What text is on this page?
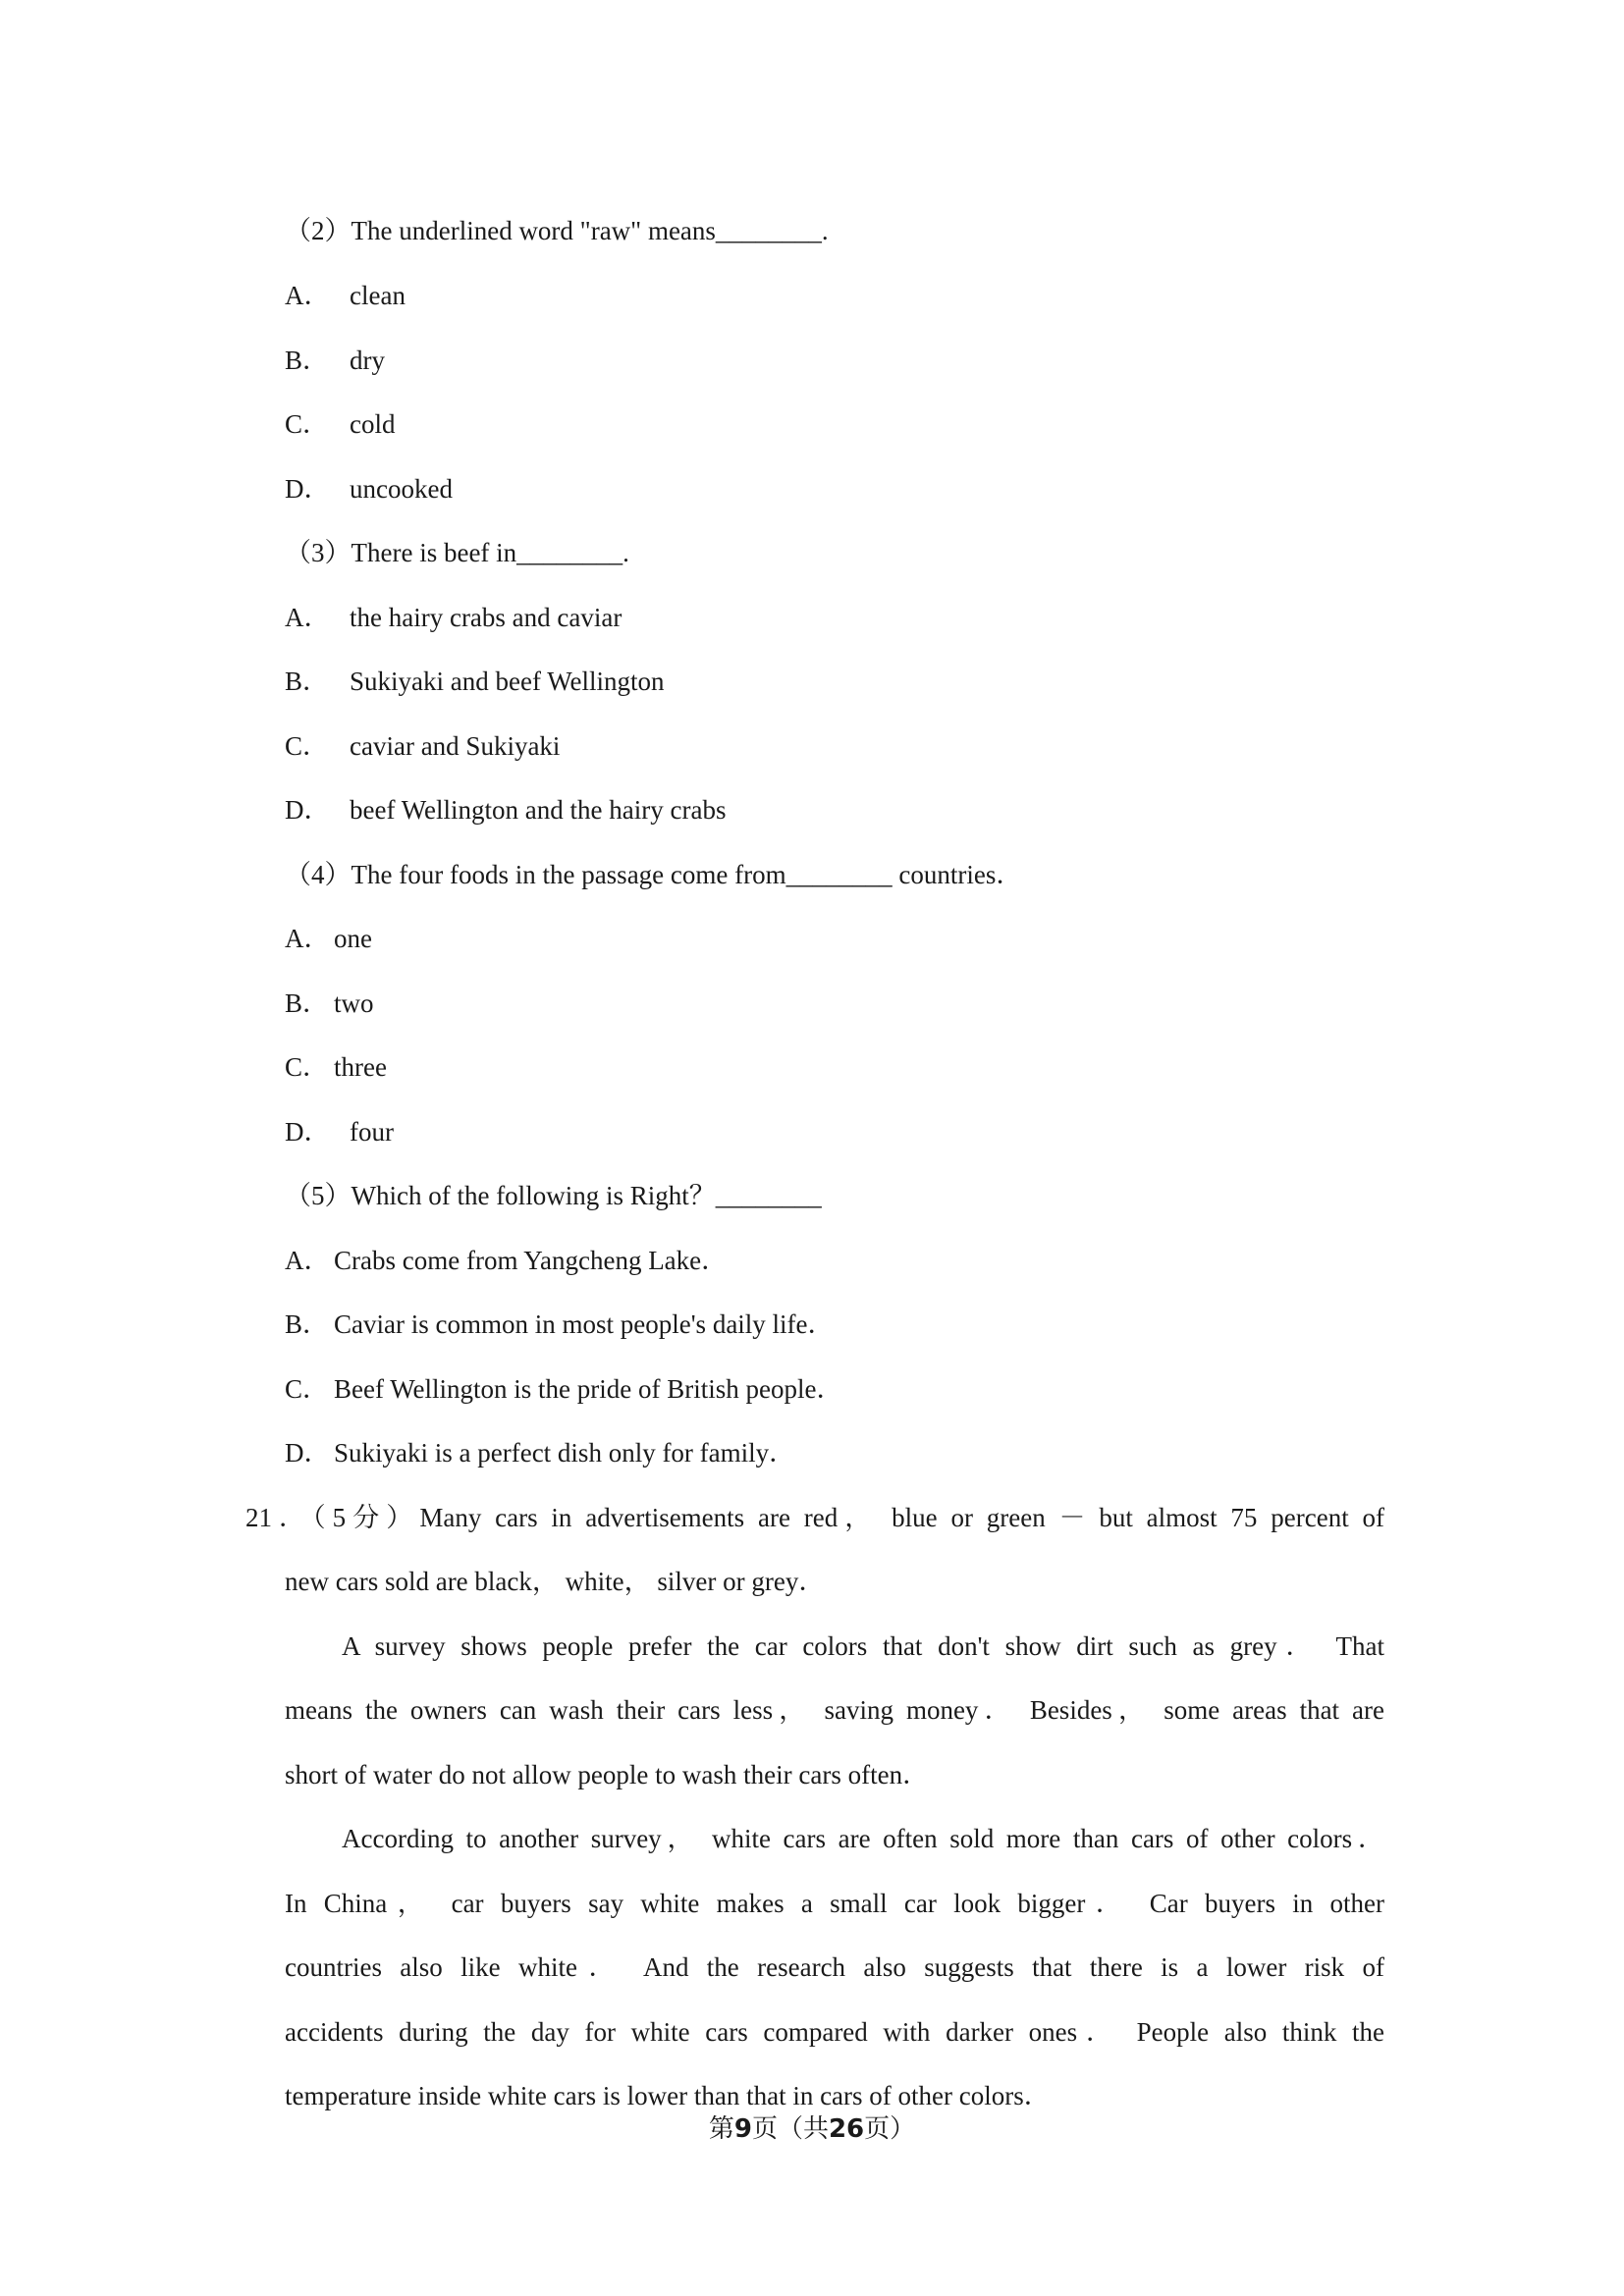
（2）The underlined word "raw" means________.
A． clean
B． dry
C． cold
D． uncooked
（3）There is beef in________.
A． the hairy crabs and caviar
B． Sukiyaki and beef Wellington
C． caviar and Sukiyaki
D． beef Wellington and the hairy crabs
（4）The four foods in the passage come from________ countries．
A． one
B． two
C． three
D． four
（5）Which of the following is Right？________
A． Crabs come from Yangcheng Lake．
B． Caviar is common in most people's daily life．
C． Beef Wellington is the pride of British people．
D． Sukiyaki is a perfect dish only for family．
21．（5分）Many cars in advertisements are red， blue or green － but almost 75 percent of
new cars sold are black， white， silver or grey．
A survey shows people prefer the car colors that don't show dirt such as grey． That
means the owners can wash their cars less， saving money． Besides， some areas that are
short of water do not allow people to wash their cars often．
According to another survey， white cars are often sold more than cars of other colors．
In China， car buyers say white makes a small car look bigger． Car buyers in other
countries also like white． And the research also suggests that there is a lower risk of
accidents during the day for white cars compared with darker ones． People also think the
temperature inside white cars is lower than that in cars of other colors．
第9页（共26页）
